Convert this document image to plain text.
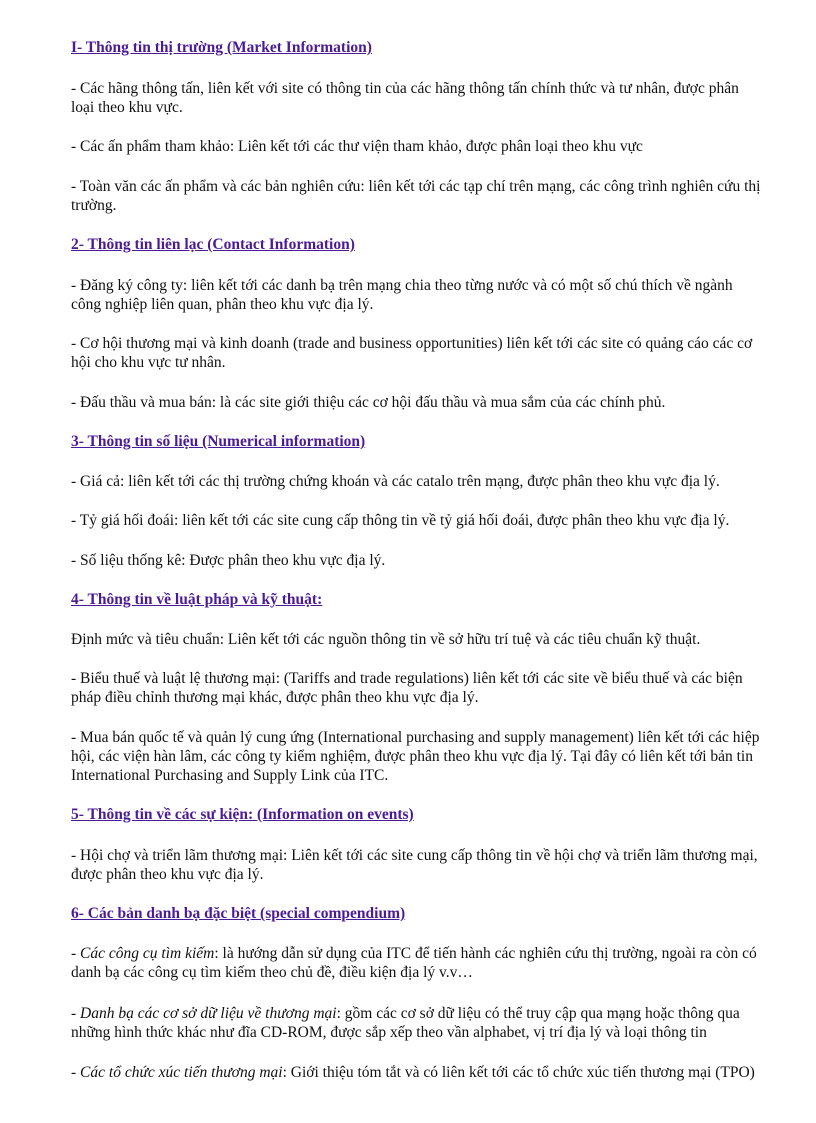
I- Thông tin thị trường (Market Information)

- Các hãng thông tấn, liên kết với site có thông tin của các hãng thông tấn chính thức và tư nhân, được phân
loại theo khu vực.

- Các ấn phẩm tham khảo: Liên kết tới các thư viện tham khảo, được phân loại theo khu vực

- Toàn văn các ấn phẩm và các bản nghiên cứu: liên kết tới các tạp chí trên mạng, các công trình nghiên cứu thị
trường.

2- Thông tin liên lạc (Contact Information)

- Đăng ký công ty: liên kết tới các danh bạ trên mạng chia theo từng nước và có một số chú thích về ngành
công nghiệp liên quan, phân theo khu vực địa lý.

- Cơ hội thương mại và kinh doanh (trade and business opportunities) liên kết tới các site có quảng cáo các cơ
hội cho khu vực tư nhân.

- Đấu thầu và mua bán: là các site giới thiệu các cơ hội đấu thầu và mua sắm của các chính phủ.

3- Thông tin số liệu (Numerical information)

- Giá cả: liên kết tới các thị trường chứng khoán và các catalo trên mạng, được phân theo khu vực địa lý.

- Tỷ giá hối đoái: liên kết tới các site cung cấp thông tin về tỷ giá hối đoái, được phân theo khu vực địa lý.

- Số liệu thống kê: Được phân theo khu vực địa lý.

4- Thông tin về luật pháp và kỹ thuật:

Định mức và tiêu chuẩn: Liên kết tới các nguồn thông tin về sở hữu trí tuệ và các tiêu chuẩn kỹ thuật.

- Biểu thuế và luật lệ thương mại: (Tariffs and trade regulations) liên kết tới các site về biểu thuế và các biện
pháp điều chỉnh thương mại khác, được phân theo khu vực địa lý.

- Mua bán quốc tế và quản lý cung ứng (International purchasing and supply management) liên kết tới các hiệp
hội, các viện hàn lâm, các công ty kiểm nghiệm, được phân theo khu vực địa lý. Tại đây có liên kết tới bản tin
International Purchasing and Supply Link của ITC.

5- Thông tin về các sự kiện: (Information on events)

- Hội chợ và triển lãm thương mại: Liên kết tới các site cung cấp thông tin về hội chợ và triển lãm thương mại,
được phân theo khu vực địa lý.

6- Các bản danh bạ đặc biệt (special compendium)

- Các công cụ tìm kiếm: là hướng dẫn sử dụng của ITC để tiến hành các nghiên cứu thị trường, ngoài ra còn có
danh bạ các công cụ tìm kiếm theo chủ đề, điều kiện địa lý v.v…

- Danh bạ các cơ sở dữ liệu về thương mại: gồm các cơ sở dữ liệu có thể truy cập qua mạng hoặc thông qua
những hình thức khác như đĩa CD-ROM, được sắp xếp theo vần alphabet, vị trí địa lý và loại thông tin

- Các tổ chức xúc tiến thương mại: Giới thiệu tóm tắt và có liên kết tới các tổ chức xúc tiến thương mại (TPO)
